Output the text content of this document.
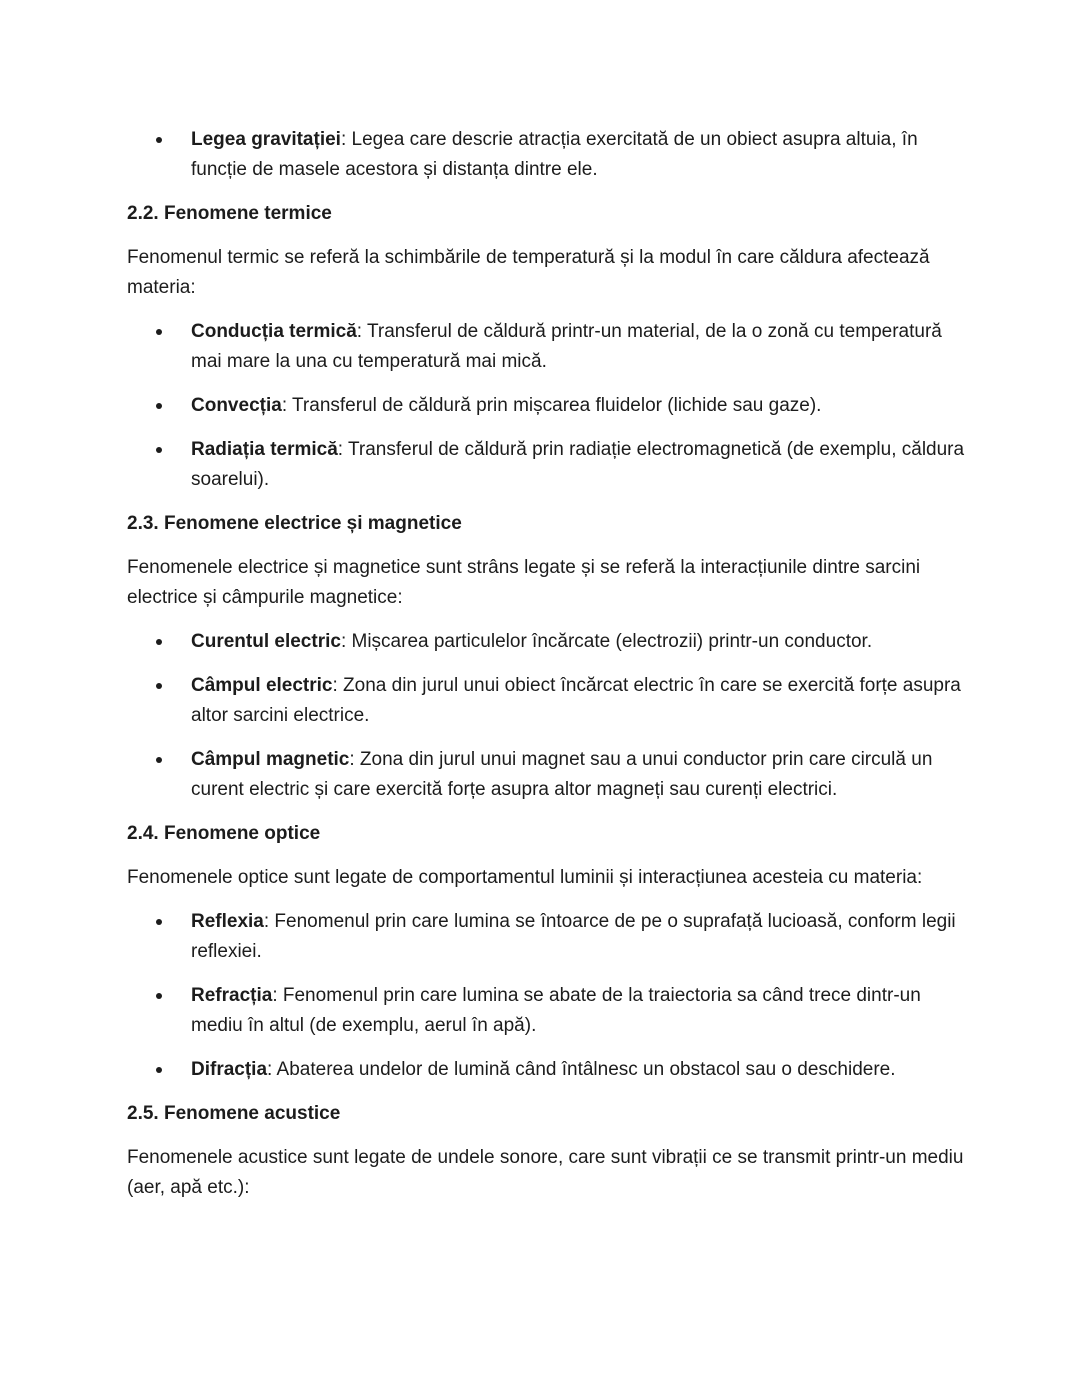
Legea gravitației: Legea care descrie atracția exercitată de un obiect asupra altuia, în funcție de masele acestora și distanța dintre ele.
2.2. Fenomene termice

Fenomenul termic se referă la schimbările de temperatură și la modul în care căldura afectează materia:

Conducția termică: Transferul de căldură printr-un material, de la o zonă cu temperatură mai mare la una cu temperatură mai mică.
Convecția: Transferul de căldură prin mișcarea fluidelor (lichide sau gaze).
Radiația termică: Transferul de căldură prin radiație electromagnetică (de exemplu, căldura soarelui).
2.3. Fenomene electrice și magnetice

Fenomenele electrice și magnetice sunt strâns legate și se referă la interacțiunile dintre sarcini electrice și câmpurile magnetice:

Curentul electric: Mișcarea particulelor încărcate (electrozii) printr-un conductor.
Câmpul electric: Zona din jurul unui obiect încărcat electric în care se exercită forțe asupra altor sarcini electrice.
Câmpul magnetic: Zona din jurul unui magnet sau a unui conductor prin care circulă un curent electric și care exercită forțe asupra altor magneți sau curenți electrici.
2.4. Fenomene optice

Fenomenele optice sunt legate de comportamentul luminii și interacțiunea acesteia cu materia:

Reflexia: Fenomenul prin care lumina se întoarce de pe o suprafață lucioasă, conform legii reflexiei.
Refracția: Fenomenul prin care lumina se abate de la traiectoria sa când trece dintr-un mediu în altul (de exemplu, aerul în apă).
Difracția: Abaterea undelor de lumină când întâlnesc un obstacol sau o deschidere.
2.5. Fenomene acustice

Fenomenele acustice sunt legate de undele sonore, care sunt vibrații ce se transmit printr-un mediu (aer, apă etc.):
